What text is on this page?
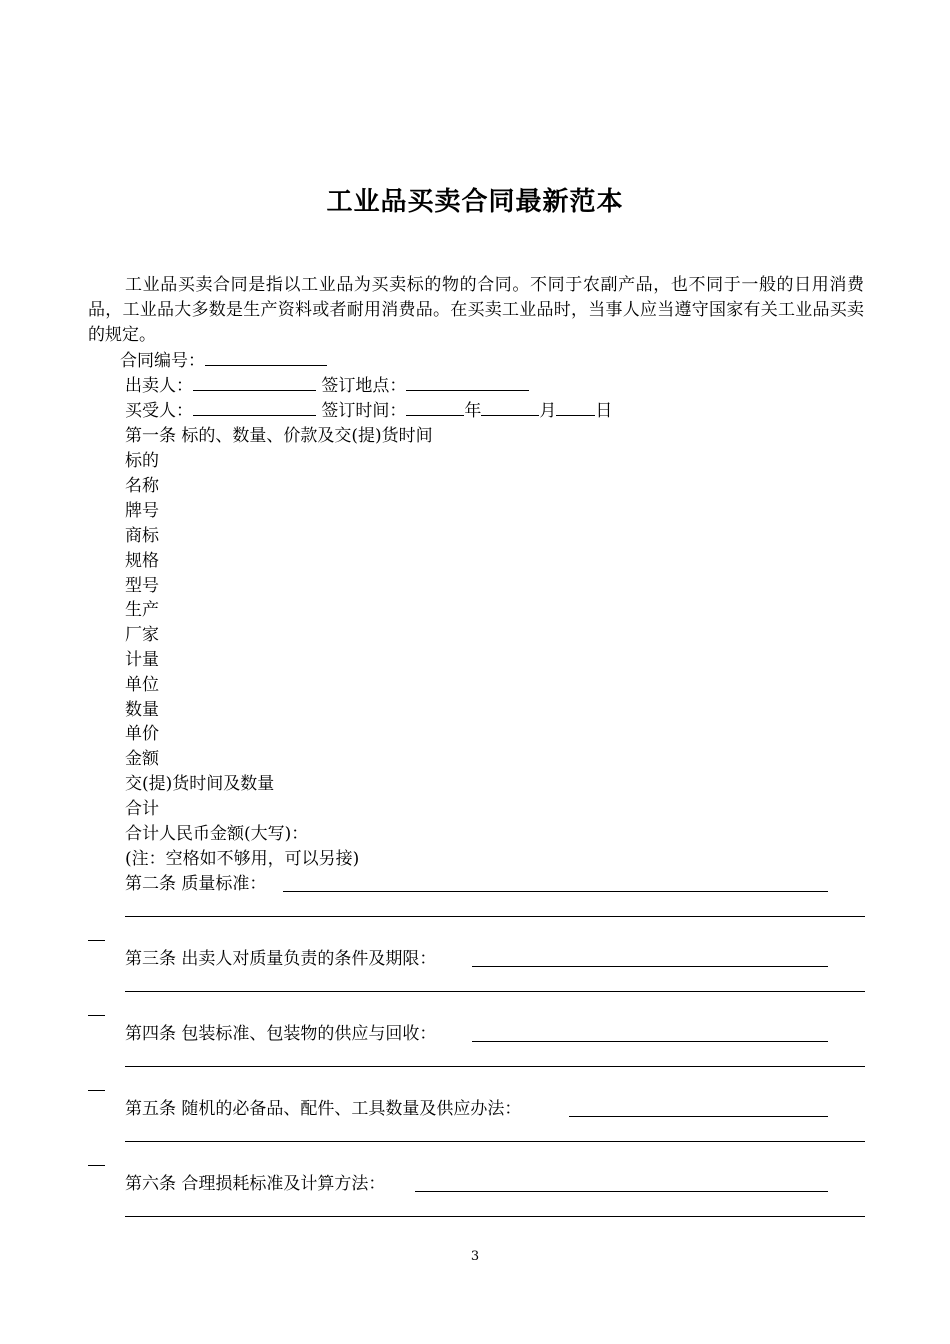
工业品买卖合同最新范本
工业品买卖合同是指以工业品为买卖标的物的合同。不同于农副产品，也不同于一般的日用消费品，工业品大多数是生产资料或者耐用消费品。在买卖工业品时，当事人应当遵守国家有关工业品买卖的规定。
合同编号：
出卖人：	签订地点：
买受人：	签订时间：	年	月 日
第一条 标的、数量、价款及交(提)货时间
标的
名称
牌号
商标
规格
型号
生产
厂家
计量
单位
数量
单价
金额
交(提)货时间及数量
合计
合计人民币金额(大写)：
(注：空格如不够用，可以另接)
第二条 质量标准：
第三条 出卖人对质量负责的条件及期限：
第四条 包装标准、包装物的供应与回收：
第五条 随机的必备品、配件、工具数量及供应办法：
第六条 合理损耗标准及计算方法：
3
